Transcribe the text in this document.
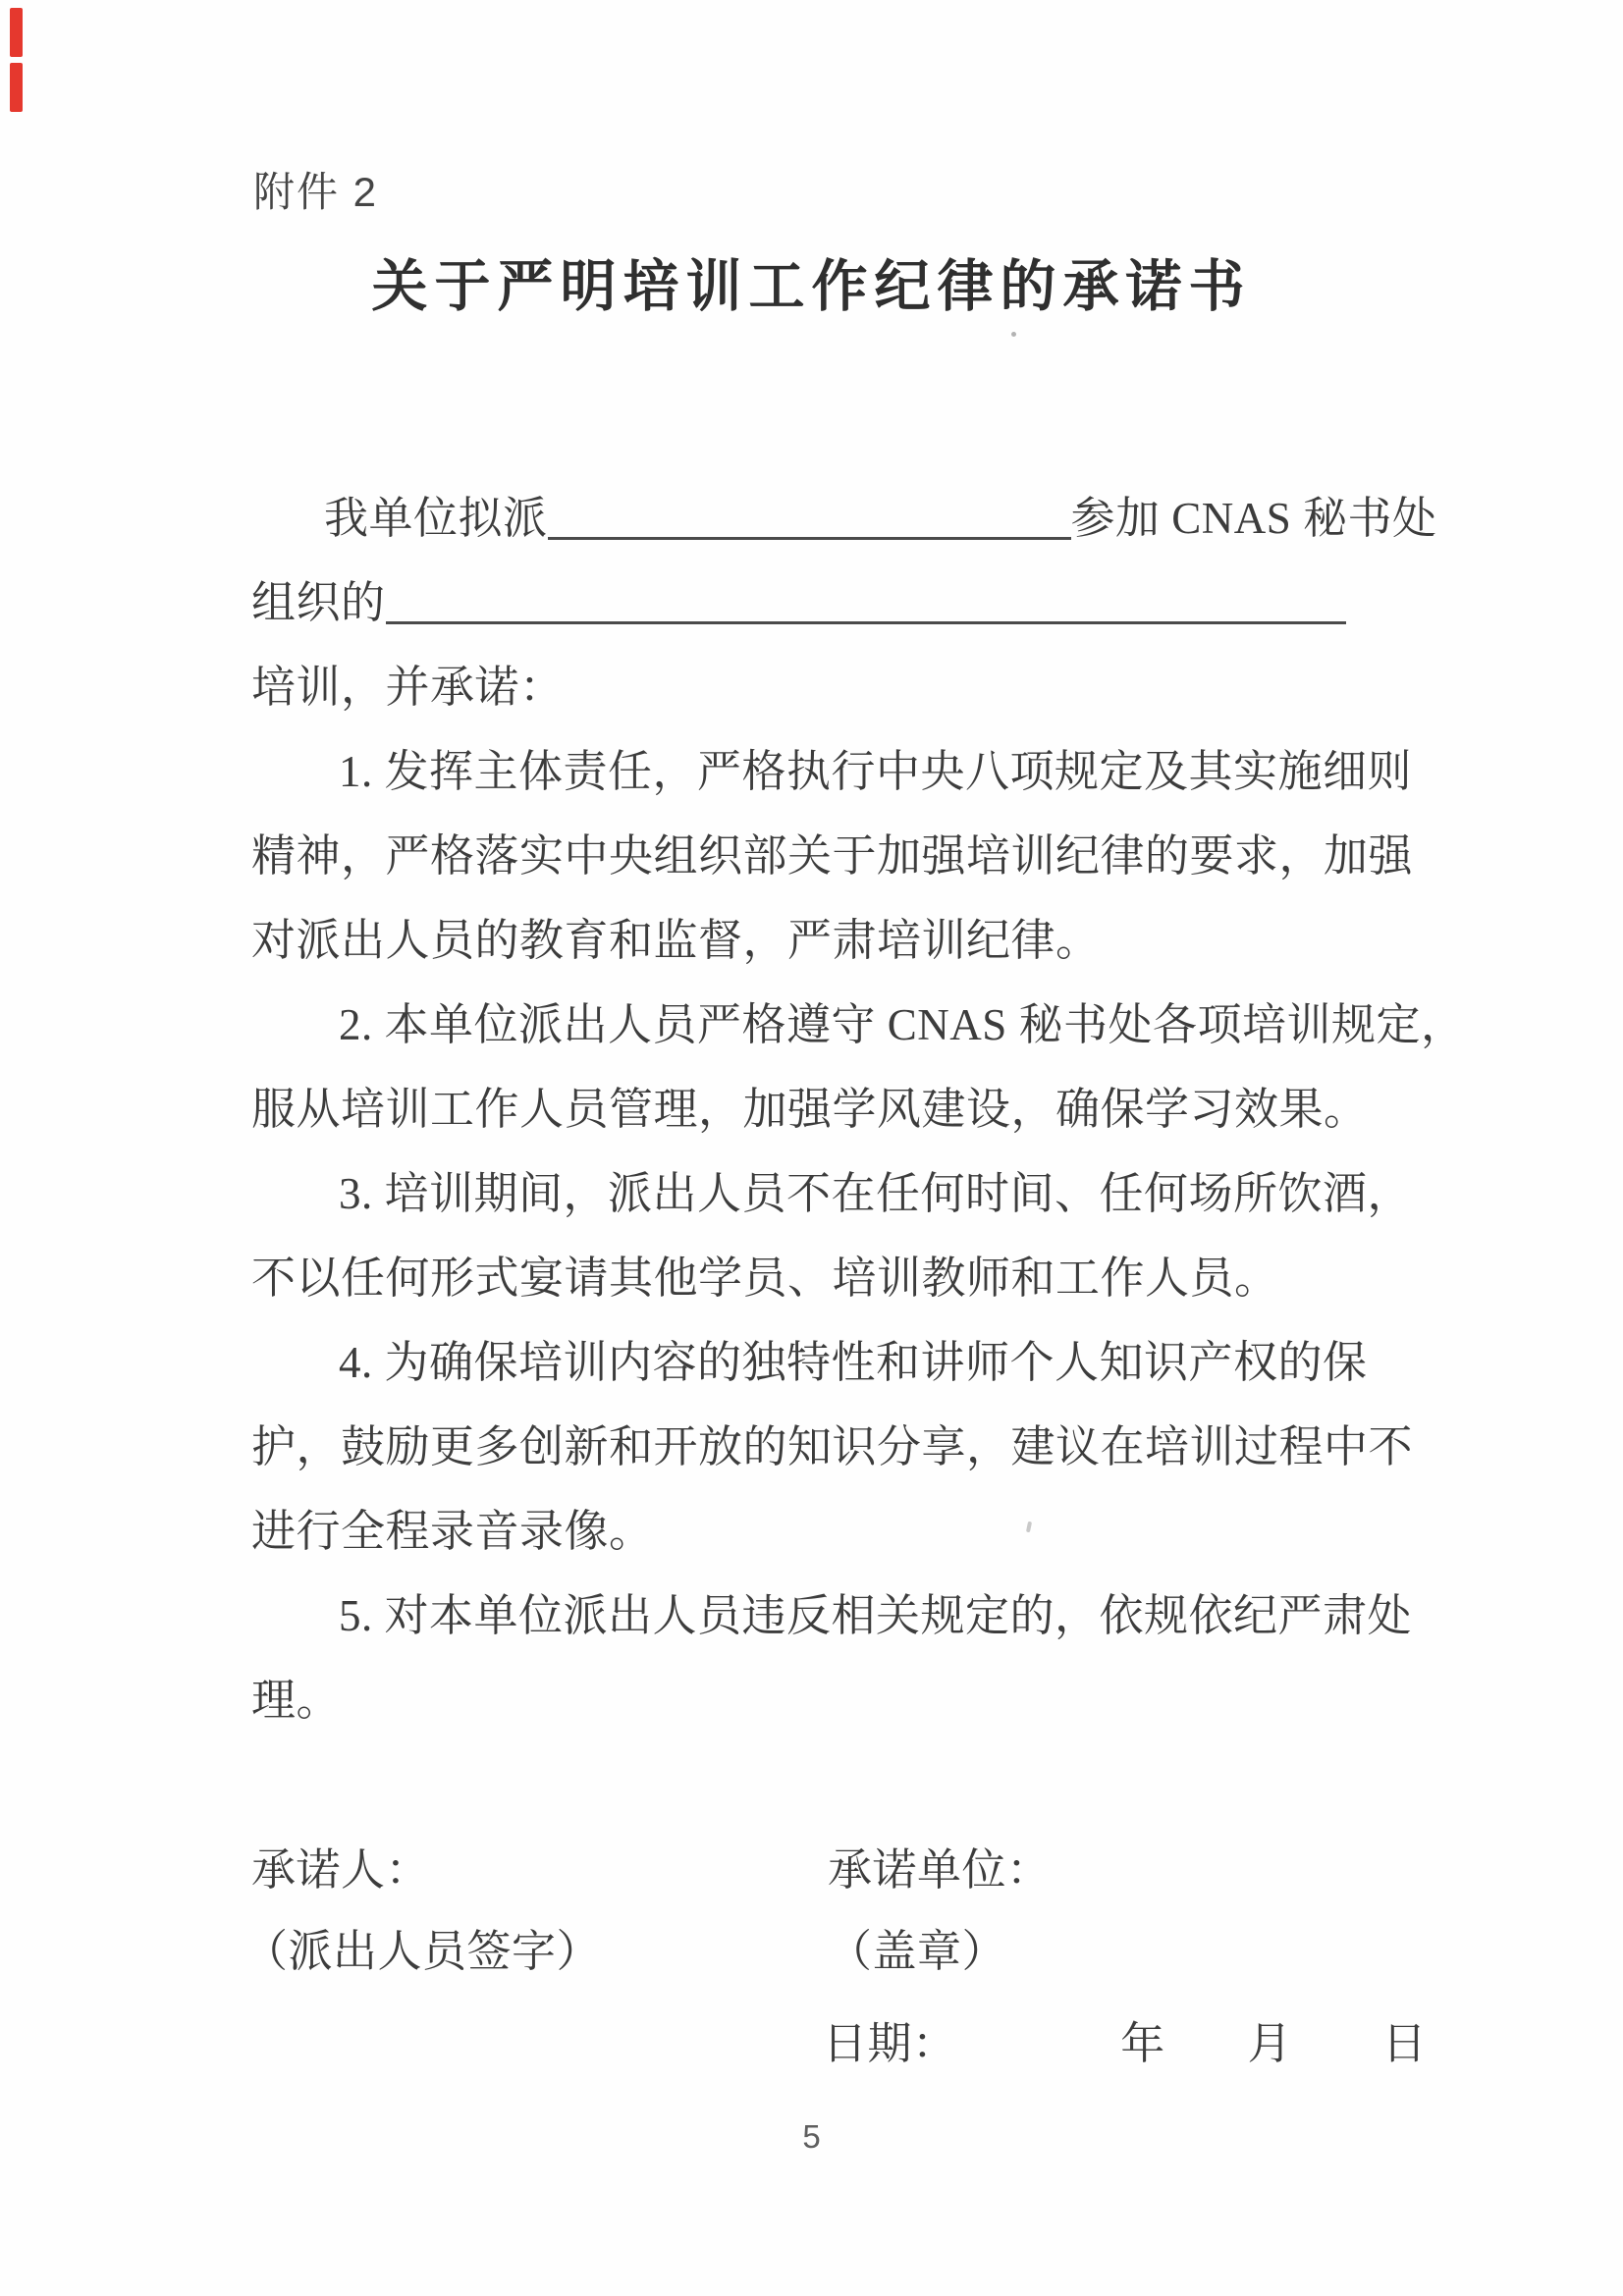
附件 2
关于严明培训工作纪律的承诺书
我单位拟派	参加 CNAS 秘书处
组织的
培训，并承诺：
1. 发挥主体责任，严格执行中央八项规定及其实施细则
精神，严格落实中央组织部关于加强培训纪律的要求，加强
对派出人员的教育和监督，严肃培训纪律。
2. 本单位派出人员严格遵守 CNAS 秘书处各项培训规定，
服从培训工作人员管理，加强学风建设，确保学习效果。
3. 培训期间，派出人员不在任何时间、任何场所饮酒，
不以任何形式宴请其他学员、培训教师和工作人员。
4. 为确保培训内容的独特性和讲师个人知识产权的保
护，鼓励更多创新和开放的知识分享，建议在培训过程中不
进行全程录音录像。
5. 对本单位派出人员违反相关规定的，依规依纪严肃处
理。
承诺人：	承诺单位：
（派出人员签字）	（盖章）
日期：	年 月 日
5
